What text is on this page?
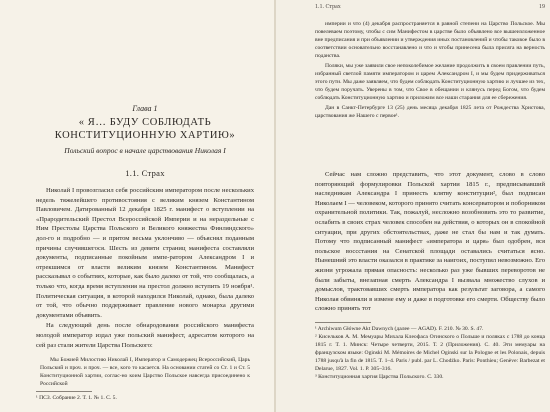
1.1. Страх	19
Глава 1
« Я… БУДУ СОБЛЮДАТЬ
КОНСТИТУЦИОННУЮ ХАРТИЮ»
Польский вопрос в начале царствования Николая I
1.1. Страх

Николай I провозгласил себя российским императором после нескольких недель тяжелейшего противостояния с великим князем Константином Павловичем. Датированный 12 декабря 1825 г. манифест о вступлении на «Прародительский Престол Всероссийской Империи и на нераздельные с Ним Престолы Царства Польского и Великого княжества Финляндского» дол-го и подробно — и притом весьма уклончиво — объяснял поданным причины случившегося. Шесть из девяти страниц манифеста составляли документы, подписанные покойным импе-ратором Александром I и отрекшимся от власти великим князем Константином. Манифест рассказывал о событиях, которые, как было далеко от той, что сообщалась, а только что, когда время вступления на престол должно вступить 19 ноября¹. Политическая ситуация, в которой находился Николай, однако, была далеко от той, что обычно поддерживает правление нового монарха другими документами объявить.

На следующий день после обнародования российского манифеста молодой император издал уже польский манифест, адресатом которого на сей раз стали жители Царства Польского:

Мы Божией Милостию Николай I, Император и Самодержец Всероссийский, Царь Польский и проч. и проч. — все, кого то касается. На основании статей со Ст. 1 и Ст. 5 Конституционной хартии, соглас-но коим Царство Польское навсегда присоединено к Российской

¹ ПСЗ. Собрание 2. Т. 1. № 1. С. 5.

империи и что (4) декабря распространяется в равной степени на Царство Польское. Мы повелеваем поэтому, чтобы с сим Манифестом в царстве было объявлено все вышеизложенное вне предписания и при объявлении и утверждения иных постановлений и чтобы таковое было в соответствии основательно восстанавлено и что и чтобы принесена была присяга на верность поданства.

Поляки, мы уже заявили свое непоколебимое желание продолжить в своем правлении путь, избранный светлой памяти императором и царем Александром I, и мы будем придерживаться этого пути. Мы даже заявляем, что будем соблюдать Конституционную хартию и лучшее из тех, что будем поручать. Уверены в том, что Свое в обещании и клянусь перед Богом, что будем соблюдать Конституционную хартию и приложим все наши старания для ее сбережения.

Дан в Санкт-Петербурге 13 (25) день месяца декабря 1825 лета от Рождества Христова, царствования же Нашего с первое¹.

Сейчас нам сложно представить, что этот документ, слово в слово повторяющий формулировки Польской хартии 1815 г., предписывавший наследникам Александра I принесть клятву конституции², был подписан Николаем I — человеком, которого принято считать консерватором и поборником охранительной политики. Так, пожалуй, несложно возобновить это то развитие, ослабить в своих страх человек способен на действия, о которых он в спокойной ситуации, при других обстоятельствах, даже не стал бы нам и так думать. Потому что подписанный манифест «императора и царя» был одобрен, вся польское воссстания на Сенатской площади оставались считаться ясно. Нынешний это власти оказался в практике за наигоих, поступил невозможно. Его жизни угрожала прямая опасность: несколько раз уже бывших переворотов не были забыты, внезапная смерть Александра I вызвала множество слухов и домыслов, трактовавших смерть императора как результат заговора, а самого Николая обвиняли в измене ему и даже в подготовке его смерти. Обществу было сложно принять тот

¹ Archiwum Główne Akt Dawnych (далее — AGAD). F. 210. № 30. S. 47.

² Кисельков А. М. Мемуары Михала Клеофаса Огинского о Польше и поляках с 1788 до конца 1815 г. Т. 1. Минск: Четыре четверти, 2015. Т. 2 (Приложения). С. 40. Эти мемуары на французском языке: Oginski M. Mémoires de Michel Oginski sur la Pologne et les Polonais, depuis 1788 jusqu'à la fin de 1815. T. 1–4. Paris / publ. par L. Chodźko. Paris: Ponthieu; Genève: Barbezat et Delarue, 1827. Vol. 1. P. 305–316.

³ Конституционная хартия Царства Польского. С. 330.
